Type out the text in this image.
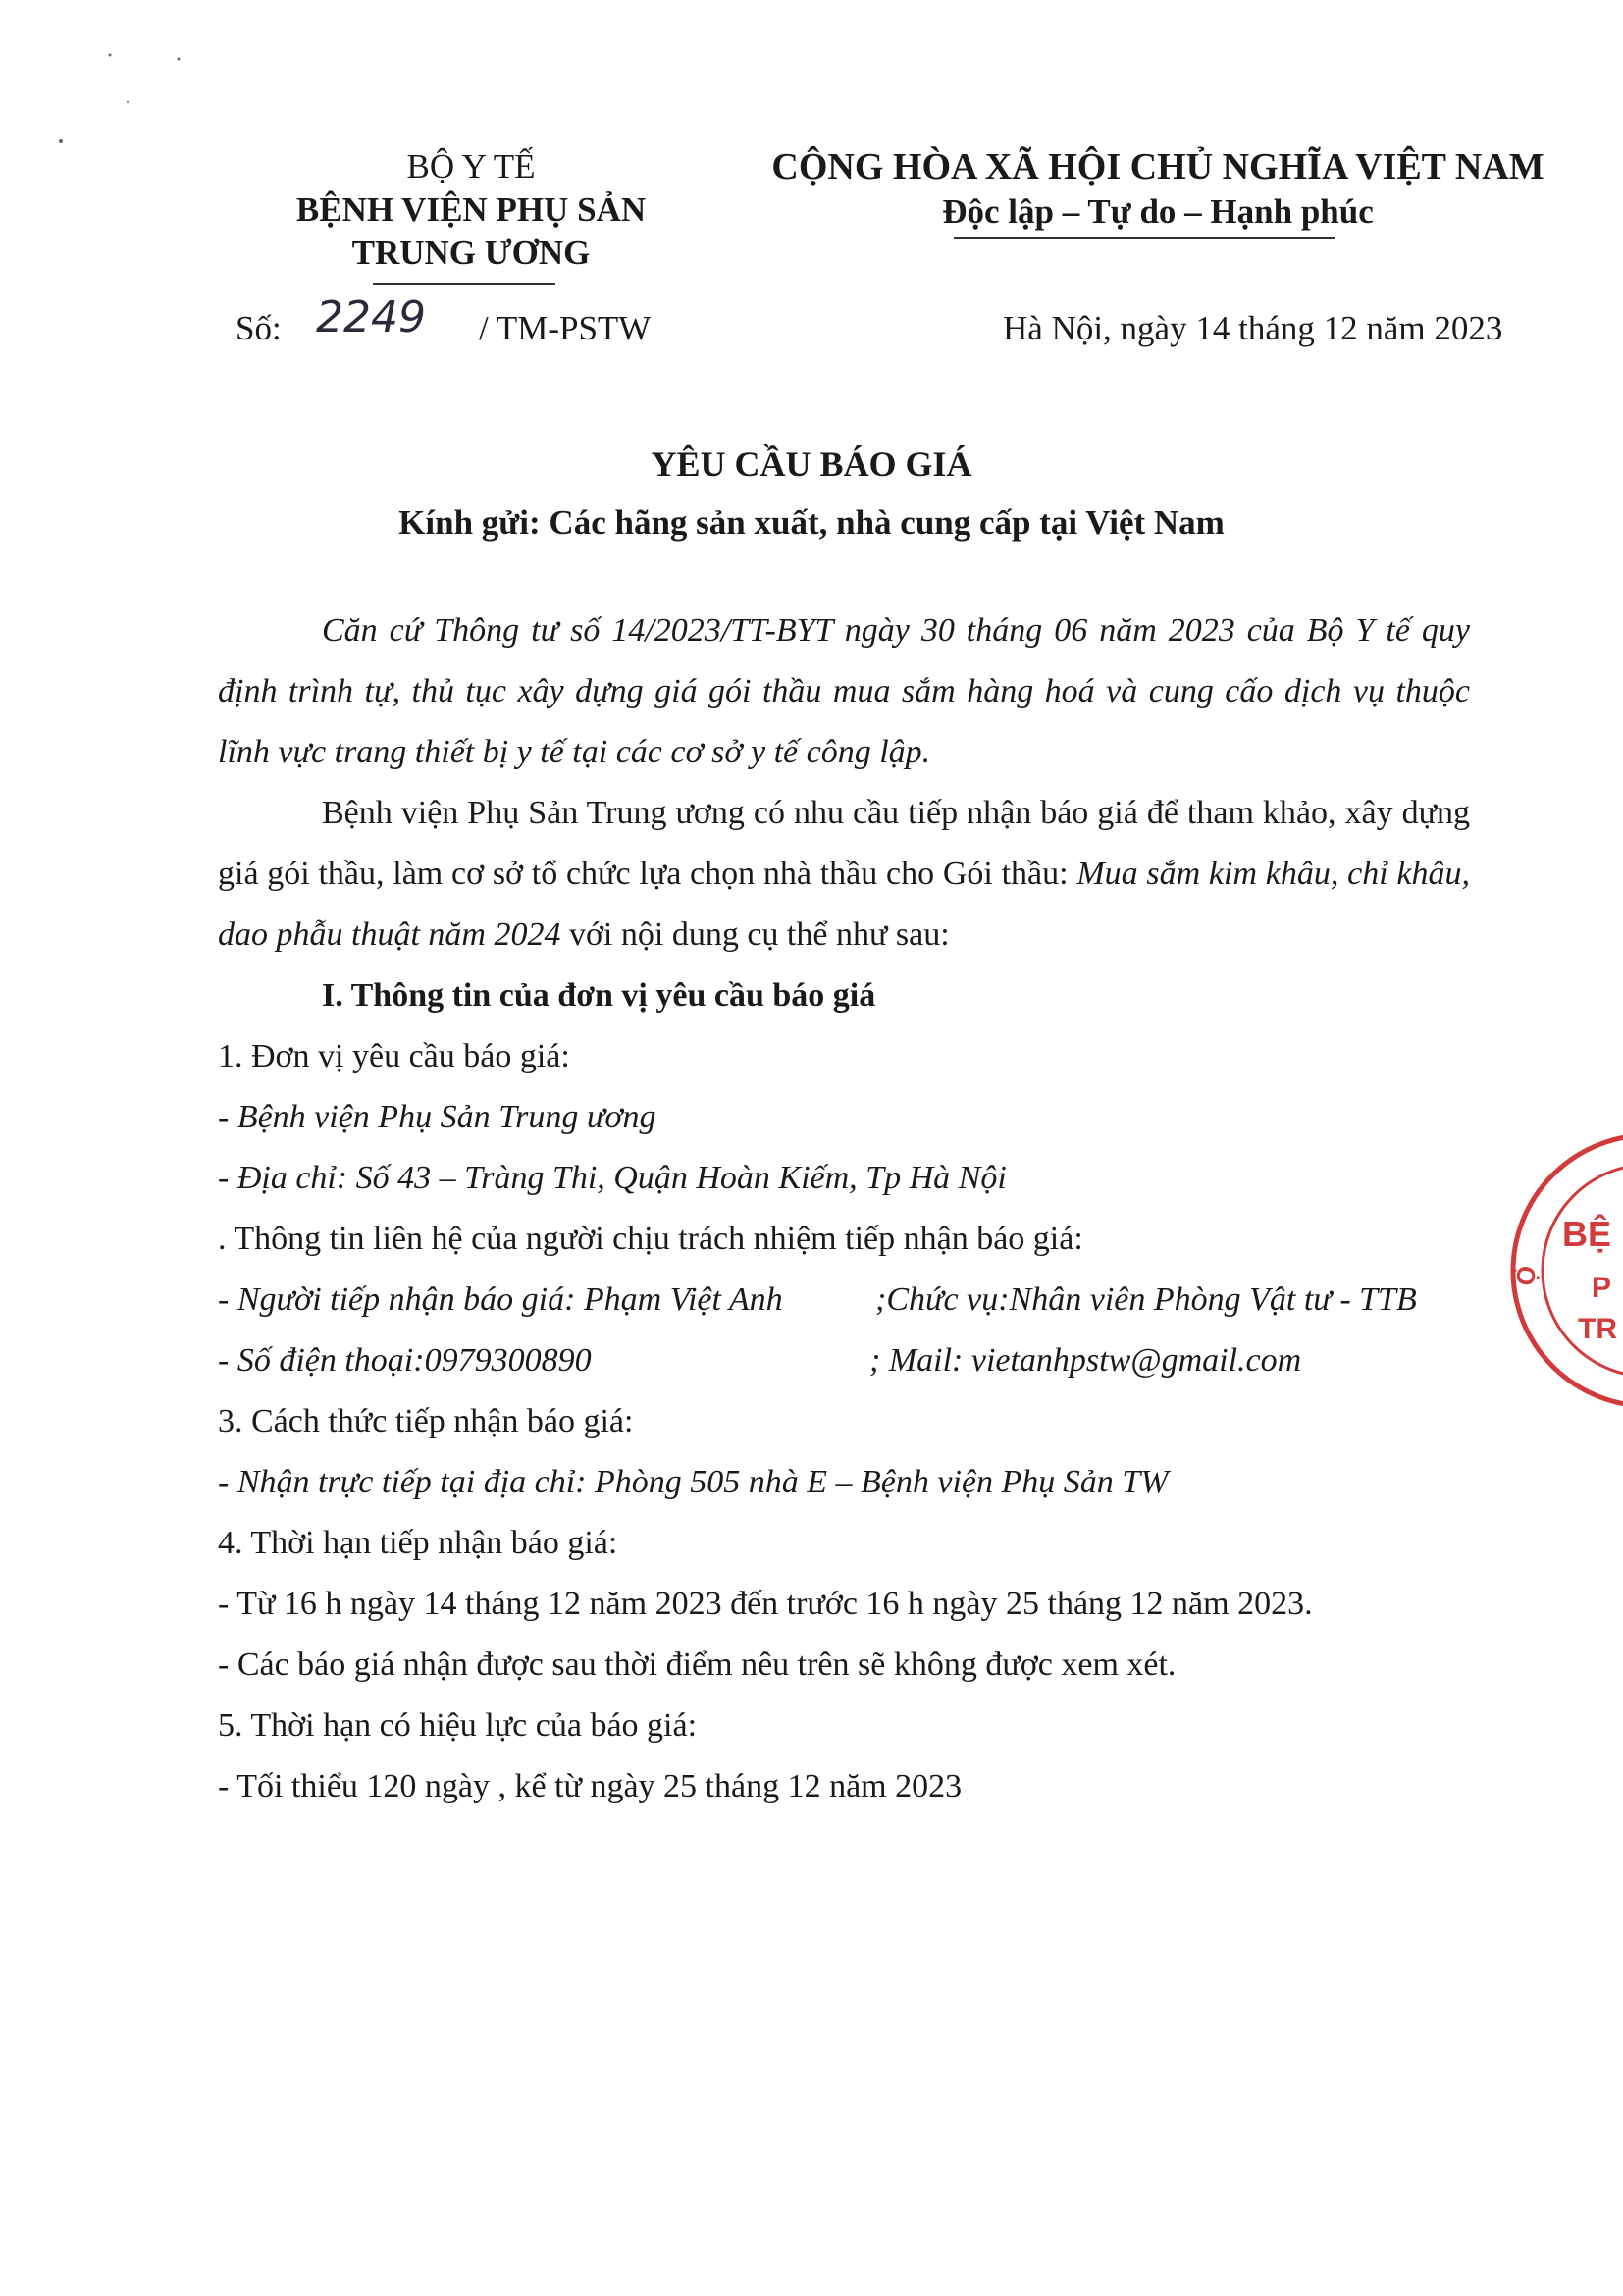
BỘ Y TẾ
BỆNH VIỆN PHỤ SẢN
TRUNG ƯƠNG
Số: 2249 / TM-PSTW
CỘNG HÒA XÃ HỘI CHỦ NGHĨA VIỆT NAM
Độc lập – Tự do – Hạnh phúc
Hà Nội, ngày 14 tháng 12 năm 2023
YÊU CẦU BÁO GIÁ
Kính gửi: Các hãng sản xuất, nhà cung cấp tại Việt Nam
Căn cứ Thông tư số 14/2023/TT-BYT ngày 30 tháng 06 năm 2023 của Bộ Y tế quy định trình tự, thủ tục xây dựng giá gói thầu mua sắm hàng hoá và cung cấo dịch vụ thuộc lĩnh vực trang thiết bị y tế tại các cơ sở y tế công lập.
Bệnh viện Phụ Sản Trung ương có nhu cầu tiếp nhận báo giá để tham khảo, xây dựng giá gói thầu, làm cơ sở tổ chức lựa chọn nhà thầu cho Gói thầu: Mua sắm kim khâu, chỉ khâu, dao phẫu thuật năm 2024 với nội dung cụ thể như sau:
I. Thông tin của đơn vị yêu cầu báo giá
1. Đơn vị yêu cầu báo giá:
- Bệnh viện Phụ Sản Trung ương
- Địa chỉ: Số 43 – Tràng Thi, Quận Hoàn Kiếm, Tp Hà Nội
. Thông tin liên hệ của người chịu trách nhiệm tiếp nhận báo giá:
- Người tiếp nhận báo giá: Phạm Việt Anh	;Chức vụ:Nhân viên Phòng Vật tư - TTB
- Số điện thoại:0979300890	; Mail: vietanhpstw@gmail.com
3. Cách thức tiếp nhận báo giá:
- Nhận trực tiếp tại địa chỉ: Phòng 505 nhà E – Bệnh viện Phụ Sản TW
4. Thời hạn tiếp nhận báo giá:
- Từ 16 h ngày 14 tháng 12 năm 2023 đến trước 16 h ngày 25 tháng 12 năm 2023.
- Các báo giá nhận được sau thời điểm nêu trên sẽ không được xem xét.
5. Thời hạn có hiệu lực của báo giá:
- Tối thiểu 120 ngày , kể từ ngày 25 tháng 12 năm 2023
BỆ
P
TR
Ộ
